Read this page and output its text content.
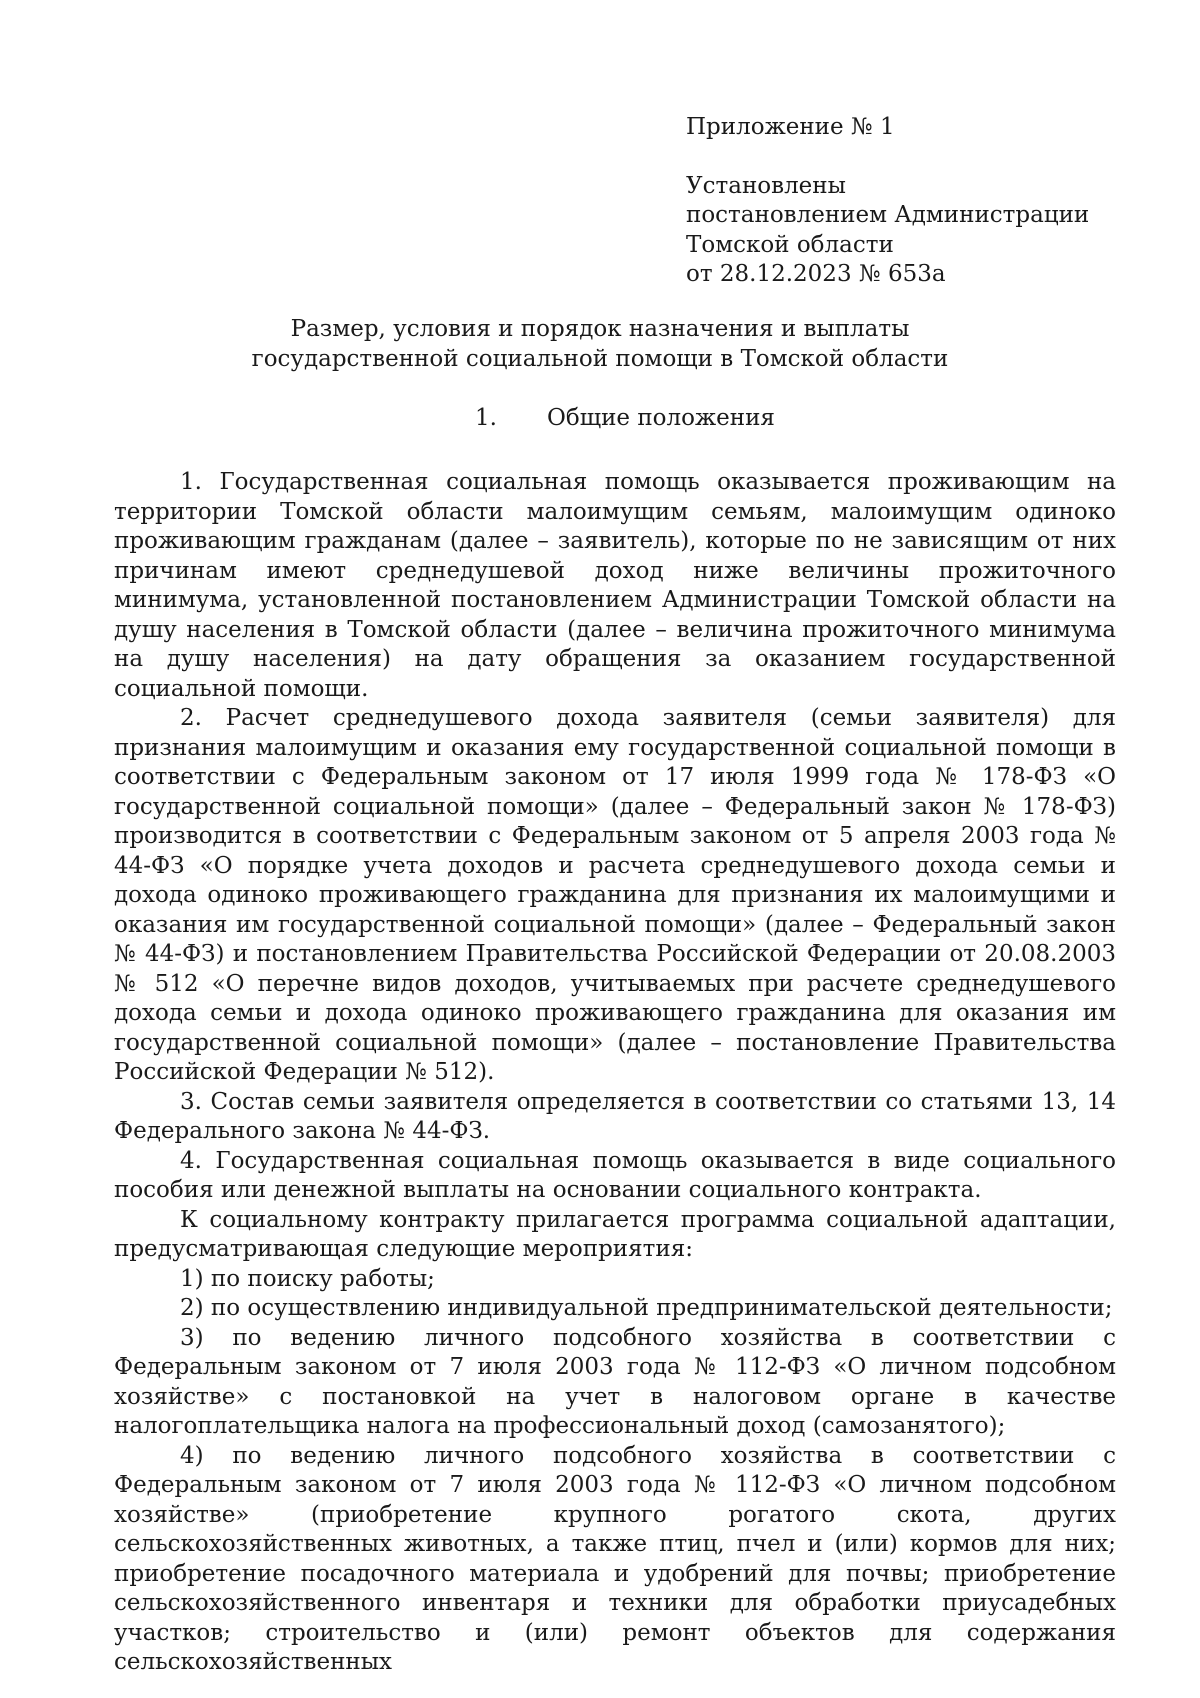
Приложение № 1
Установлены
постановлением Администрации
Томской области
от 28.12.2023 № 653а
Размер, условия и порядок назначения и выплаты
государственной социальной помощи в Томской области
1. Общие положения

1. Государственная социальная помощь оказывается проживающим на территории Томской области малоимущим семьям, малоимущим одиноко проживающим гражданам (далее – заявитель), которые по не зависящим от них причинам имеют среднедушевой доход ниже величины прожиточного минимума, установленной постановлением Администрации Томской области на душу населения в Томской области (далее – величина прожиточного минимума на душу населения) на дату обращения за оказанием государственной социальной помощи.

2. Расчет среднедушевого дохода заявителя (семьи заявителя) для признания малоимущим и оказания ему государственной социальной помощи в соответствии с Федеральным законом от 17 июля 1999 года № 178-ФЗ «О государственной социальной помощи» (далее – Федеральный закон № 178-ФЗ) производится в соответствии с Федеральным законом от 5 апреля 2003 года № 44-ФЗ «О порядке учета доходов и расчета среднедушевого дохода семьи и дохода одиноко проживающего гражданина для признания их малоимущими и оказания им государственной социальной помощи» (далее – Федеральный закон № 44-ФЗ) и постановлением Правительства Российской Федерации от 20.08.2003 № 512 «О перечне видов доходов, учитываемых при расчете среднедушевого дохода семьи и дохода одиноко проживающего гражданина для оказания им государственной социальной помощи» (далее – постановление Правительства Российской Федерации № 512).

3. Состав семьи заявителя определяется в соответствии со статьями 13, 14 Федерального закона № 44-ФЗ.

4. Государственная социальная помощь оказывается в виде социального пособия или денежной выплаты на основании социального контракта.

К социальному контракту прилагается программа социальной адаптации, предусматривающая следующие мероприятия:

1) по поиску работы;

2) по осуществлению индивидуальной предпринимательской деятельности;

3) по ведению личного подсобного хозяйства в соответствии с Федеральным законом от 7 июля 2003 года № 112-ФЗ «О личном подсобном хозяйстве» с постановкой на учет в налоговом органе в качестве налогоплательщика налога на профессиональный доход (самозанятого);

4) по ведению личного подсобного хозяйства в соответствии с Федеральным законом от 7 июля 2003 года № 112-ФЗ «О личном подсобном хозяйстве» (приобретение крупного рогатого скота, других сельскохозяйственных животных, а также птиц, пчел и (или) кормов для них; приобретение посадочного материала и удобрений для почвы; приобретение сельскохозяйственного инвентаря и техники для обработки приусадебных участков; строительство и (или) ремонт объектов для содержания сельскохозяйственных
